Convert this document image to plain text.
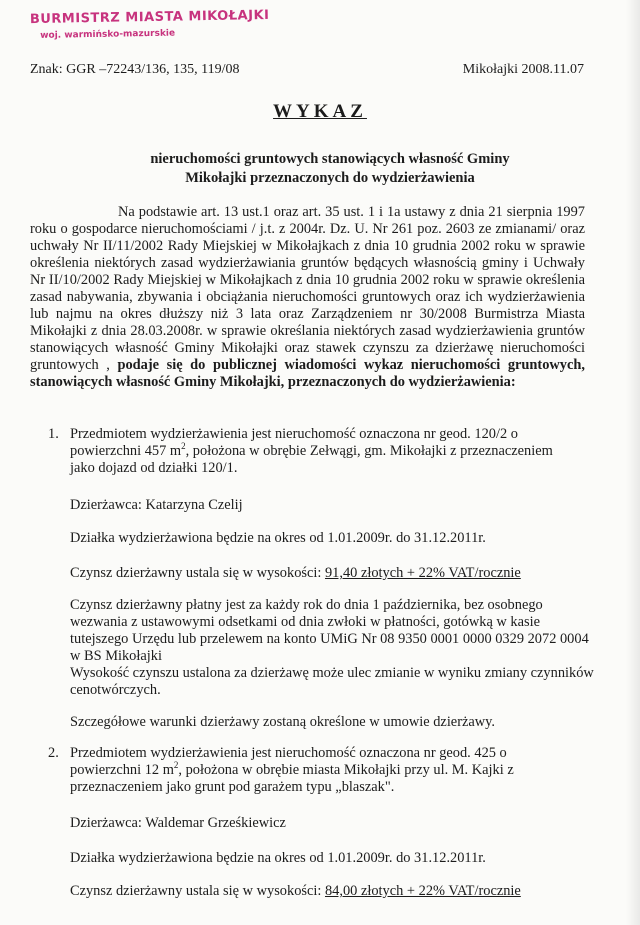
BURMISTRZ MIASTA MIKOŁAJKI
woj. warmińsko-mazurskie
Znak: GGR –72243/136, 135, 119/08	Mikołajki 2008.11.07
WYKAZ
nieruchomości gruntowych stanowiących własność Gminy Mikołajki przeznaczonych do wydzierżawienia
Na podstawie art. 13 ust.1 oraz art. 35 ust. 1 i 1a ustawy z dnia 21 sierpnia 1997 roku o gospodarce nieruchomościami / j.t. z 2004r. Dz. U. Nr 261 poz. 2603 ze zmianami/ oraz uchwały Nr II/11/2002 Rady Miejskiej w Mikołajkach z dnia 10 grudnia 2002 roku w sprawie określenia niektórych zasad wydzierżawiania gruntów będących własnością gminy i Uchwały Nr II/10/2002 Rady Miejskiej w Mikołajkach z dnia 10 grudnia 2002 roku w sprawie określenia zasad nabywania, zbywania i obciążania nieruchomości gruntowych oraz ich wydzierżawienia lub najmu na okres dłuższy niż 3 lata oraz Zarządzeniem nr 30/2008 Burmistrza Miasta Mikołajki z dnia 28.03.2008r. w sprawie określania niektórych zasad wydzierżawienia gruntów stanowiących własność Gminy Mikołajki oraz stawek czynszu za dzierżawę nieruchomości gruntowych , podaje się do publicznej wiadomości wykaz nieruchomości gruntowych, stanowiących własność Gminy Mikołajki, przeznaczonych do wydzierżawienia:
1. Przedmiotem wydzierżawienia jest nieruchomość oznaczona nr geod. 120/2 o powierzchni 457 $m^2$, położona w obrębie Zełwągi, gm. Mikołajki z przeznaczeniem jako dojazd od działki 120/1.
Dzierżawca: Katarzyna Czelij
Działka wydzierżawiona będzie na okres od 1.01.2009r. do 31.12.2011r.
Czynsz dzierżawny ustala się w wysokości: 91,40 złotych + 22% VAT/rocznie
Czynsz dzierżawny płatny jest za każdy rok do dnia 1 października, bez osobnego wezwania z ustawowymi odsetkami od dnia zwłoki w płatności, gotówką w kasie tutejszego Urzędu lub przelewem na konto UMiG Nr 08 9350 0001 0000 0329 2072 0004 w BS Mikołajki
Wysokość czynszu ustalona za dzierżawę może ulec zmianie w wyniku zmiany czynników cenotwórczych.
Szczegółowe warunki dzierżawy zostaną określone w umowie dzierżawy.
2. Przedmiotem wydzierżawienia jest nieruchomość oznaczona nr geod. 425 o powierzchni 12 $m^2$, położona w obrębie miasta Mikołajki przy ul. M. Kajki z przeznaczeniem jako grunt pod garażem typu „blaszak".
Dzierżawca: Waldemar Grześkiewicz
Działka wydzierżawiona będzie na okres od 1.01.2009r. do 31.12.2011r.
Czynsz dzierżawny ustala się w wysokości: 84,00 złotych + 22% VAT/rocznie
